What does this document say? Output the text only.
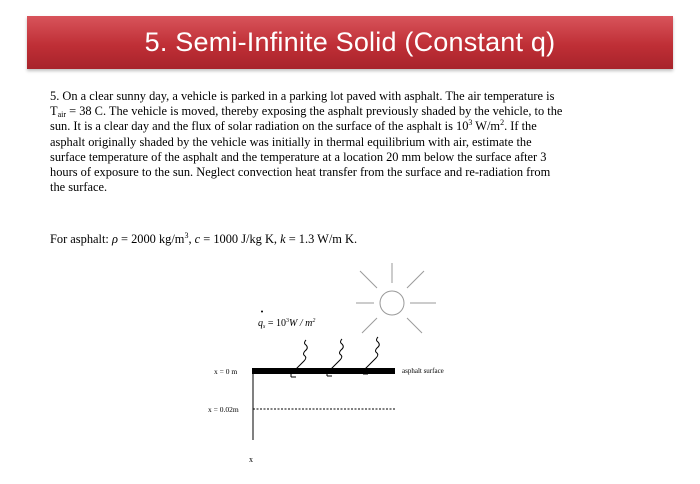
5. Semi-Infinite Solid (Constant q)
5. On a clear sunny day, a vehicle is parked in a parking lot paved with asphalt. The air temperature is
$T_{air} = 38$ C. The vehicle is moved, thereby exposing the asphalt previously shaded by the vehicle, to the
sun. It is a clear day and the flux of solar radiation on the surface of the asphalt is $10^3$ $W/m^2$. If the
asphalt originally shaded by the vehicle was initially in thermal equilibrium with air, estimate the
surface temperature of the asphalt and the temperature at a location 20 mm below the surface after 3
hours of exposure to the sun. Neglect convection heat transfer from the surface and re-radiation from
the surface.
For asphalt: ρ = 2000 $kg/m^3$, c = 1000 J/kg K, k = 1.3 W/m K.
$q_s = 10^3W / m^2$
x = 0 m
x = 0.02m
asphalt surface
x
